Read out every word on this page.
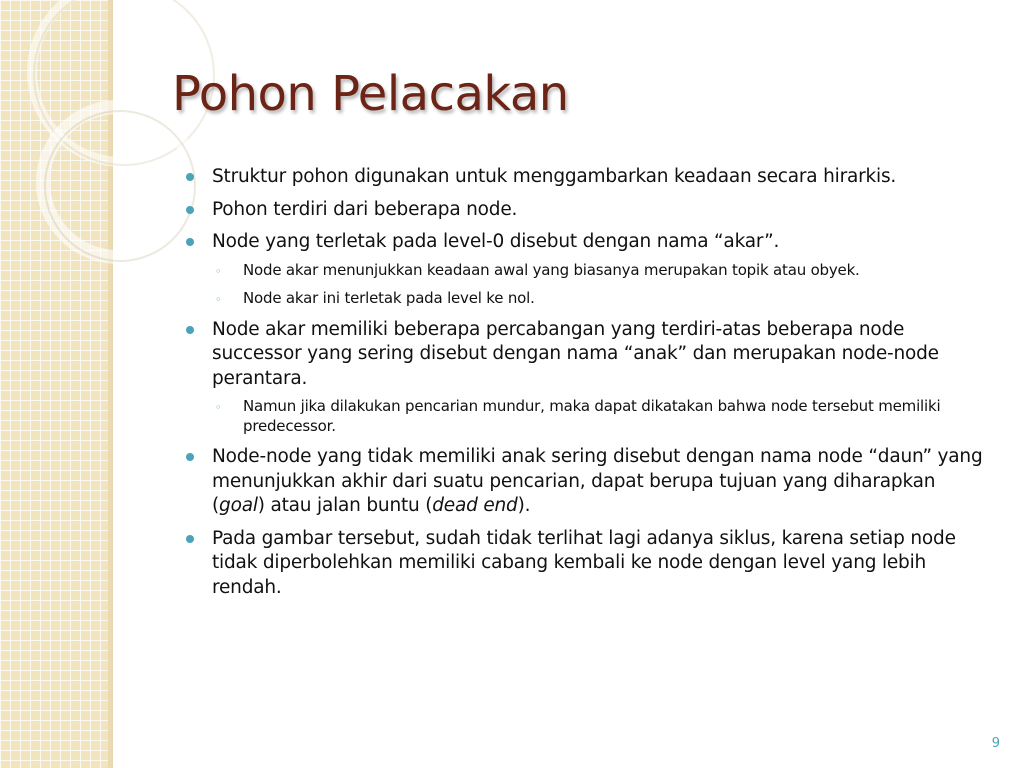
Pohon Pelacakan
Struktur pohon digunakan untuk menggambarkan keadaan secara hirarkis.
Pohon terdiri dari beberapa node.
Node yang terletak pada level-0 disebut dengan nama “akar”.
◦ Node akar menunjukkan keadaan awal yang biasanya merupakan topik atau obyek.
◦ Node akar ini terletak pada level ke nol.
Node akar memiliki beberapa percabangan yang terdiri-atas beberapa node successor yang sering disebut dengan nama “anak” dan merupakan node-node perantara.
◦ Namun jika dilakukan pencarian mundur, maka dapat dikatakan bahwa node tersebut memiliki predecessor.
Node-node yang tidak memiliki anak sering disebut dengan nama node “daun” yang menunjukkan akhir dari suatu pencarian, dapat berupa tujuan yang diharapkan (goal) atau jalan buntu (dead end).
Pada gambar tersebut, sudah tidak terlihat lagi adanya siklus, karena setiap node tidak diperbolehkan memiliki cabang kembali ke node dengan level yang lebih rendah.
9
